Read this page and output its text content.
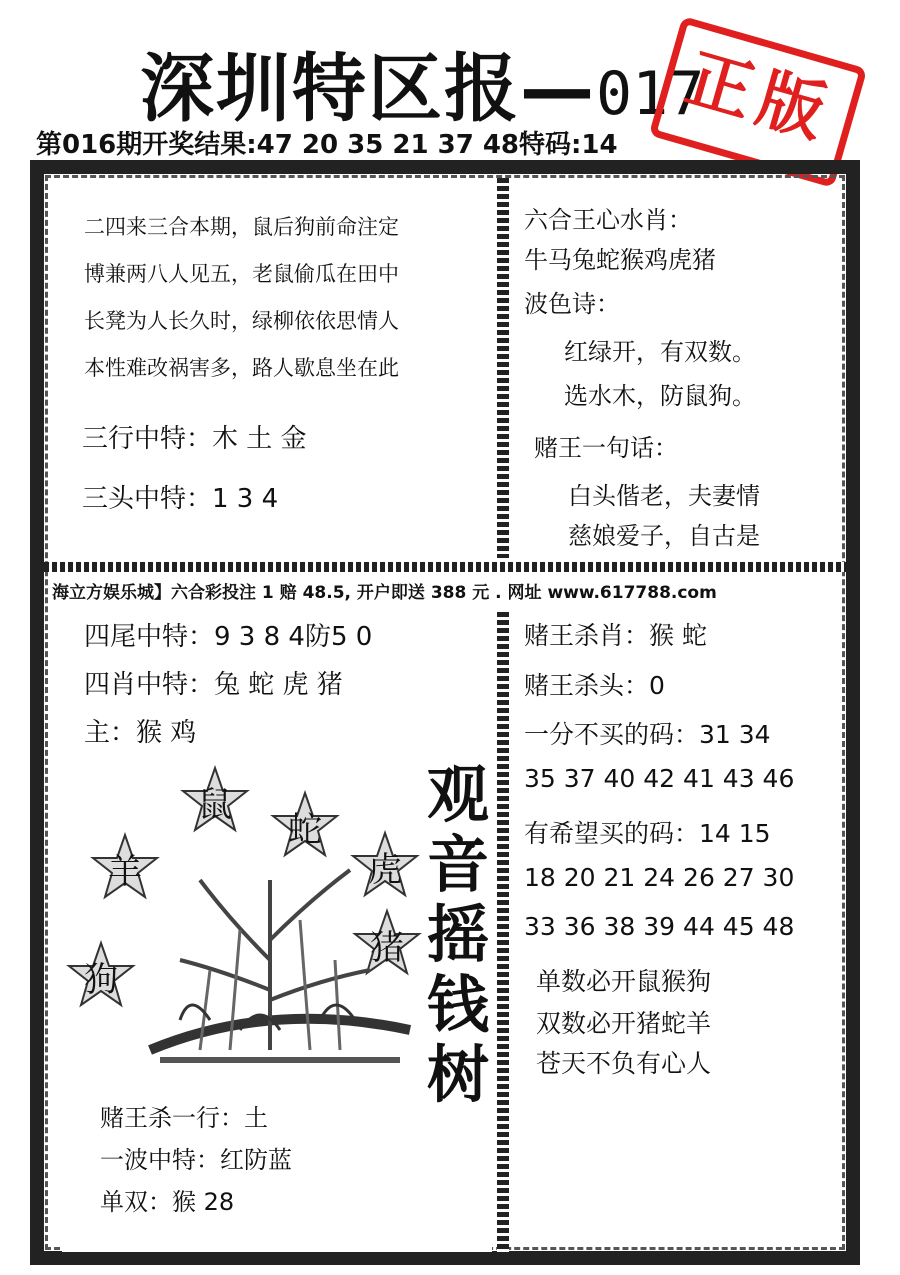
深圳特区报—017
正版
第016期开奖结果:47 20 35 21 37 48特码:14
二四来三合本期，鼠后狗前命注定
博兼两八人见五，老鼠偷瓜在田中
长凳为人长久时，绿柳依依思情人
本性难改祸害多，路人歇息坐在此
三行中特：木 土 金
三头中特：1 3 4
六合王心水肖：
牛马兔蛇猴鸡虎猪
波色诗：
红绿开，有双数。
选水木，防鼠狗。
赌王一句话：
白头偕老，夫妻情
慈娘爱子，自古是
海立方娱乐城】六合彩投注 1 赔 48.5, 开户即送 388 元 . 网址 www.617788.com
四尾中特：9 3 8 4防5 0
四肖中特：兔 蛇 虎 猪
主：猴 鸡
鼠
蛇
羊	虎
猪
狗
观
音
摇
钱
树
赌王杀一行：土
一波中特：红防蓝
单双：猴 28
赌王杀肖：猴 蛇
赌王杀头：0
一分不买的码：31 34
35 37 40 42 41 43 46
有希望买的码：14 15
18 20 21 24 26 27 30
33 36 38 39 44 45 48
单数必开鼠猴狗
双数必开猪蛇羊
苍天不负有心人
